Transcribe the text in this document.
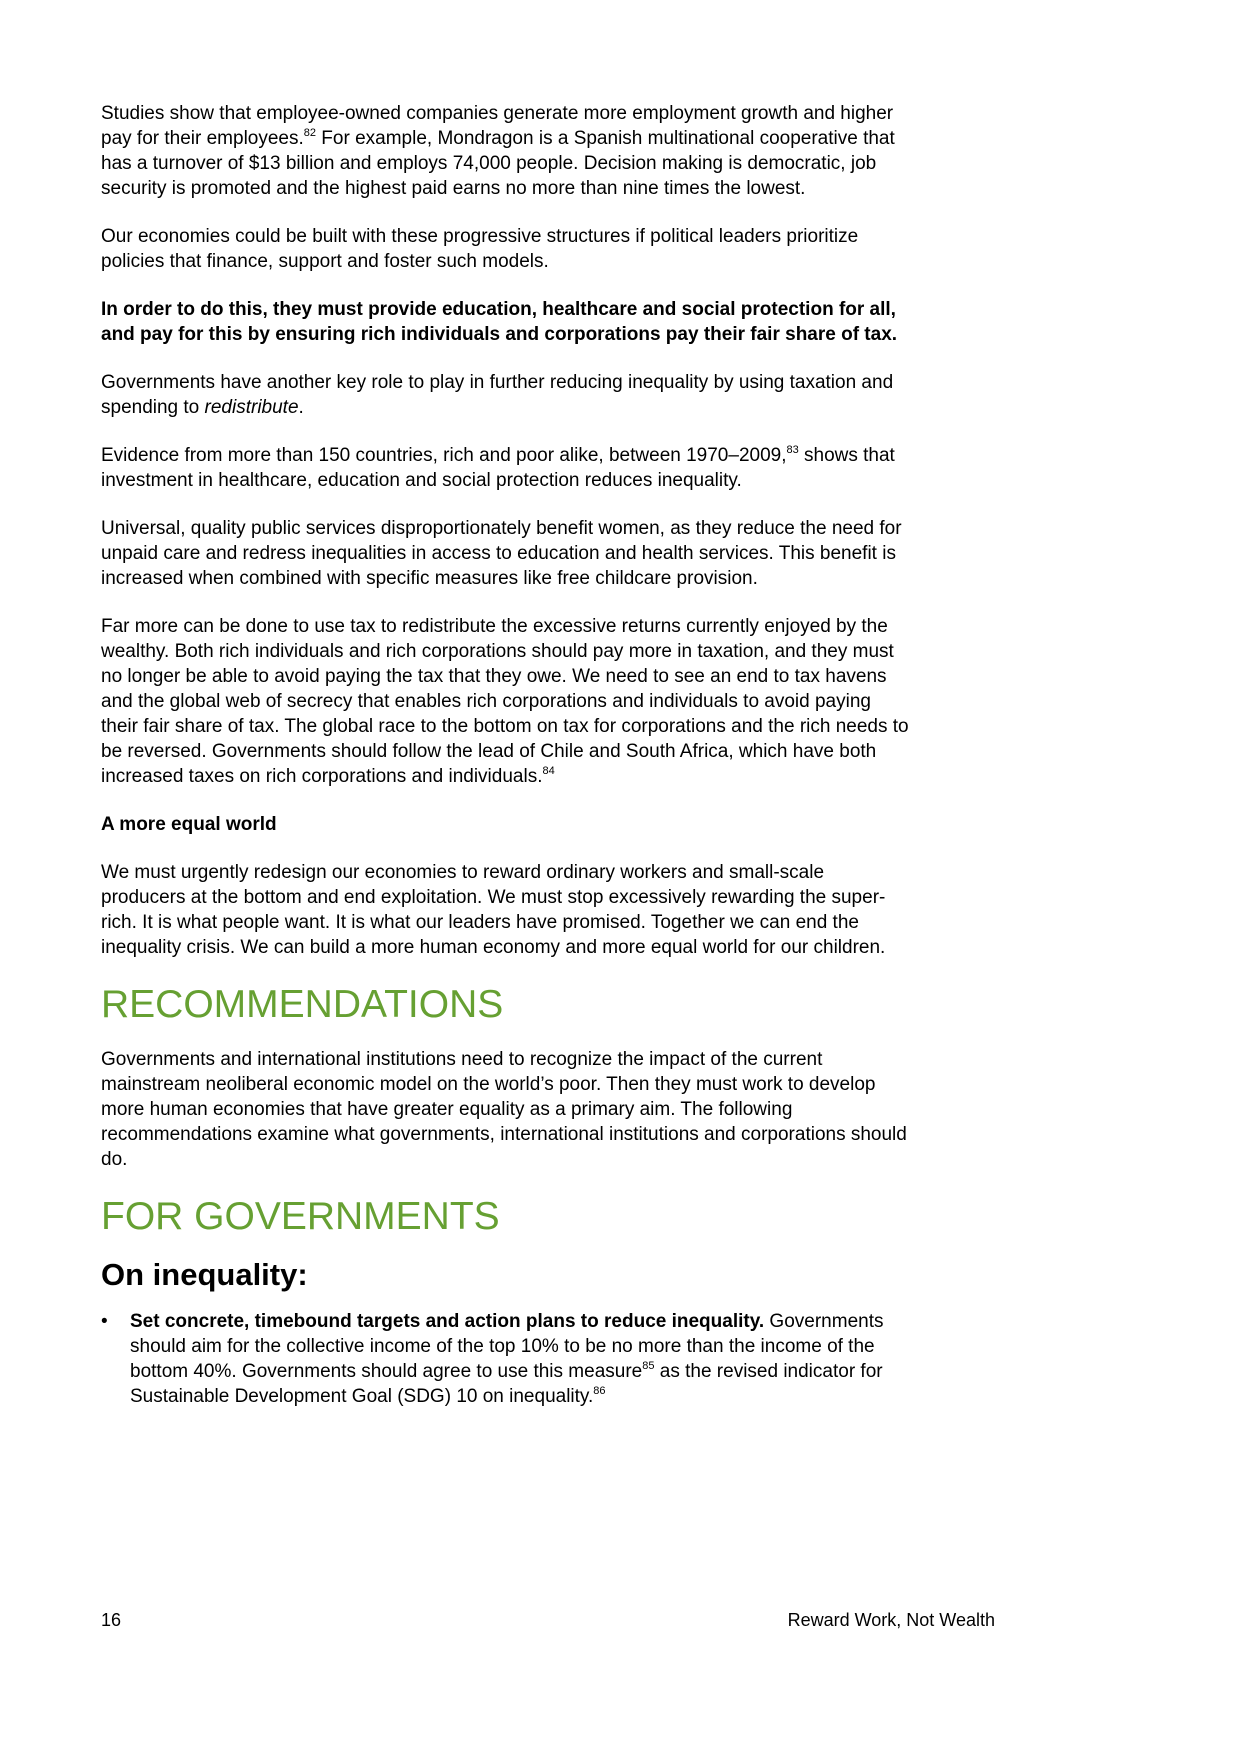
Studies show that employee-owned companies generate more employment growth and higher pay for their employees.$^{82}$ For example, Mondragon is a Spanish multinational cooperative that has a turnover of $13 billion and employs 74,000 people. Decision making is democratic, job security is promoted and the highest paid earns no more than nine times the lowest.

Our economies could be built with these progressive structures if political leaders prioritize policies that finance, support and foster such models.

In order to do this, they must provide education, healthcare and social protection for all, and pay for this by ensuring rich individuals and corporations pay their fair share of tax.

Governments have another key role to play in further reducing inequality by using taxation and spending to redistribute.

Evidence from more than 150 countries, rich and poor alike, between 1970–2009,83 shows that investment in healthcare, education and social protection reduces inequality.

Universal, quality public services disproportionately benefit women, as they reduce the need for unpaid care and redress inequalities in access to education and health services. This benefit is increased when combined with specific measures like free childcare provision.

Far more can be done to use tax to redistribute the excessive returns currently enjoyed by the wealthy. Both rich individuals and rich corporations should pay more in taxation, and they must no longer be able to avoid paying the tax that they owe. We need to see an end to tax havens and the global web of secrecy that enables rich corporations and individuals to avoid paying their fair share of tax. The global race to the bottom on tax for corporations and the rich needs to be reversed. Governments should follow the lead of Chile and South Africa, which have both increased taxes on rich corporations and individuals.$^{84}$

A more equal world

We must urgently redesign our economies to reward ordinary workers and small-scale producers at the bottom and end exploitation. We must stop excessively rewarding the super-rich. It is what people want. It is what our leaders have promised. Together we can end the inequality crisis. We can build a more human economy and more equal world for our children.

RECOMMENDATIONS

Governments and international institutions need to recognize the impact of the current mainstream neoliberal economic model on the world’s poor. Then they must work to develop more human economies that have greater equality as a primary aim. The following recommendations examine what governments, international institutions and corporations should do.

FOR GOVERNMENTS
On inequality:
• Set concrete, timebound targets and action plans to reduce inequality. Governments should aim for the collective income of the top 10% to be no more than the income of the bottom 40%. Governments should agree to use this measure$^{85}$ as the revised indicator for Sustainable Development Goal (SDG) 10 on inequality.$^{86}$
16	Reward Work, Not Wealth
